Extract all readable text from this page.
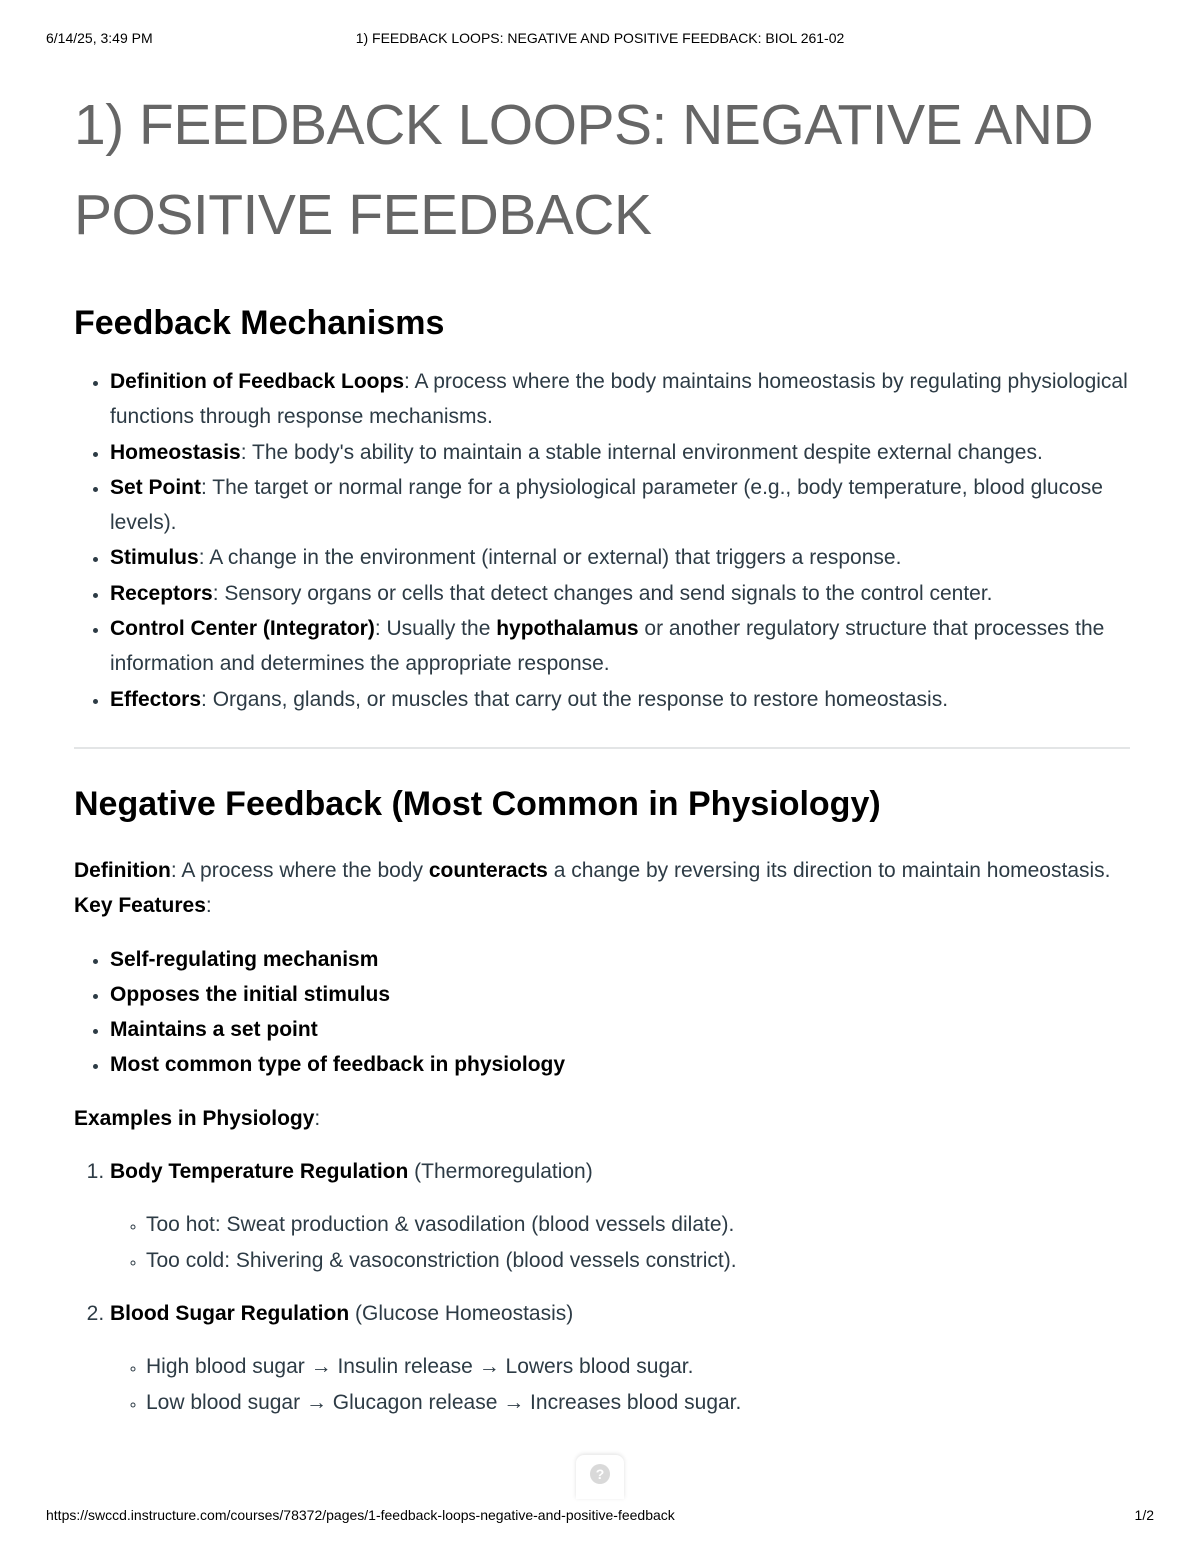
6/14/25, 3:49 PM	1) FEEDBACK LOOPS: NEGATIVE AND POSITIVE FEEDBACK: BIOL 261-02
1) FEEDBACK LOOPS: NEGATIVE AND POSITIVE FEEDBACK
Feedback Mechanisms
• Definition of Feedback Loops: A process where the body maintains homeostasis by regulating physiological functions through response mechanisms.
• Homeostasis: The body's ability to maintain a stable internal environment despite external changes.
• Set Point: The target or normal range for a physiological parameter (e.g., body temperature, blood glucose levels).
• Stimulus: A change in the environment (internal or external) that triggers a response.
• Receptors: Sensory organs or cells that detect changes and send signals to the control center.
• Control Center (Integrator): Usually the hypothalamus or another regulatory structure that processes the information and determines the appropriate response.
• Effectors: Organs, glands, or muscles that carry out the response to restore homeostasis.
Negative Feedback (Most Common in Physiology)

Definition: A process where the body counteracts a change by reversing its direction to maintain homeostasis.
Key Features:

• Self-regulating mechanism
• Opposes the initial stimulus
• Maintains a set point
• Most common type of feedback in physiology

Examples in Physiology:

1. Body Temperature Regulation (Thermoregulation)
◦ Too hot: Sweat production & vasodilation (blood vessels dilate).
◦ Too cold: Shivering & vasoconstriction (blood vessels constrict).
2. Blood Sugar Regulation (Glucose Homeostasis)
◦ High blood sugar → Insulin release → Lowers blood sugar.
◦ Low blood sugar → Glucagon release → Increases blood sugar.
?
https://swccd.instructure.com/courses/78372/pages/1-feedback-loops-negative-and-positive-feedback	1/2
